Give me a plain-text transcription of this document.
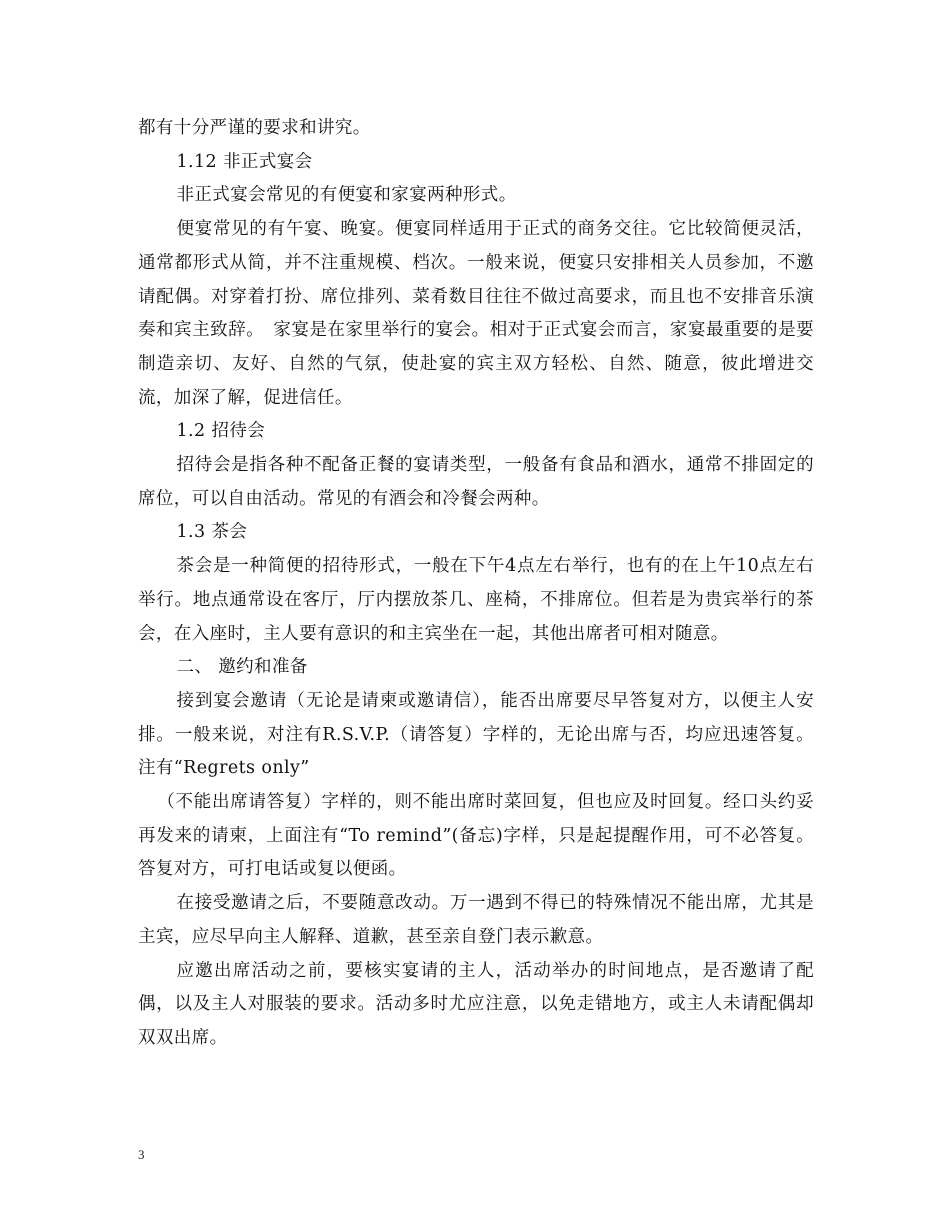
都有十分严谨的要求和讲究。

1.12 非正式宴会

非正式宴会常见的有便宴和家宴两种形式。

便宴常见的有午宴、晚宴。便宴同样适用于正式的商务交往。它比较简便灵活，通常都形式从简，并不注重规模、档次。一般来说，便宴只安排相关人员参加，不邀请配偶。对穿着打扮、席位排列、菜肴数目往往不做过高要求，而且也不安排音乐演奏和宾主致辞。　家宴是在家里举行的宴会。相对于正式宴会而言，家宴最重要的是要制造亲切、友好、自然的气氛，使赴宴的宾主双方轻松、自然、随意，彼此增进交流，加深了解，促进信任。

1.2 招待会

招待会是指各种不配备正餐的宴请类型，一般备有食品和酒水，通常不排固定的席位，可以自由活动。常见的有酒会和冷餐会两种。

1.3 茶会

茶会是一种简便的招待形式，一般在下午4点左右举行，也有的在上午10点左右举行。地点通常设在客厅，厅内摆放茶几、座椅，不排席位。但若是为贵宾举行的茶会，在入座时，主人要有意识的和主宾坐在一起，其他出席者可相对随意。

二、 邀约和准备

接到宴会邀请（无论是请柬或邀请信），能否出席要尽早答复对方，以便主人安排。一般来说，对注有R.S.V.P.（请答复）字样的，无论出席与否，均应迅速答复。注有“Regrets only”

（不能出席请答复）字样的，则不能出席时菜回复，但也应及时回复。经口头约妥再发来的请柬，上面注有“To remind”(备忘)字样，只是起提醒作用，可不必答复。答复对方，可打电话或复以便函。

在接受邀请之后，不要随意改动。万一遇到不得已的特殊情况不能出席，尤其是主宾，应尽早向主人解释、道歉，甚至亲自登门表示歉意。

应邀出席活动之前，要核实宴请的主人，活动举办的时间地点，是否邀请了配偶，以及主人对服装的要求。活动多时尤应注意，以免走错地方，或主人未请配偶却双双出席。

3
